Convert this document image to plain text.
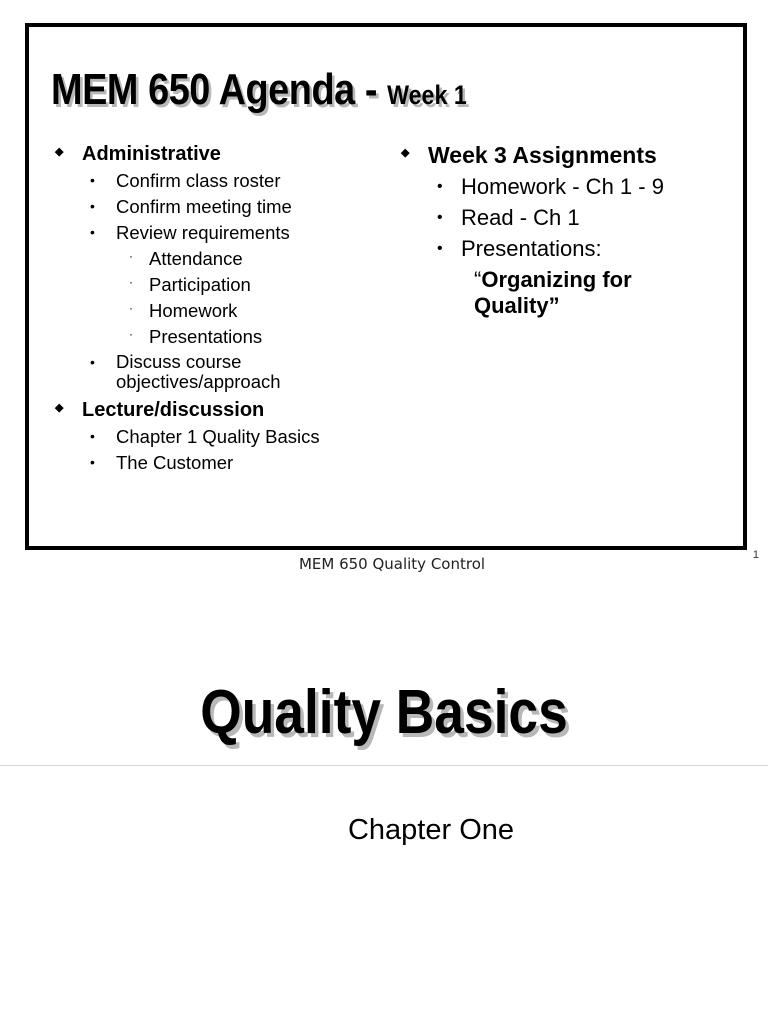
MEM 650 Agenda - Week 1
◆ Administrative
• Confirm class roster
• Confirm meeting time
• Review requirements
· Attendance
· Participation
· Homework
· Presentations
• Discuss course objectives/approach
◆ Lecture/discussion
• Chapter 1 Quality Basics
• The Customer
◆ Week 3 Assignments
• Homework - Ch 1 - 9
• Read - Ch 1
• Presentations:
“Organizing for Quality”
MEM 650 Quality Control	1
Quality Basics
Chapter One
